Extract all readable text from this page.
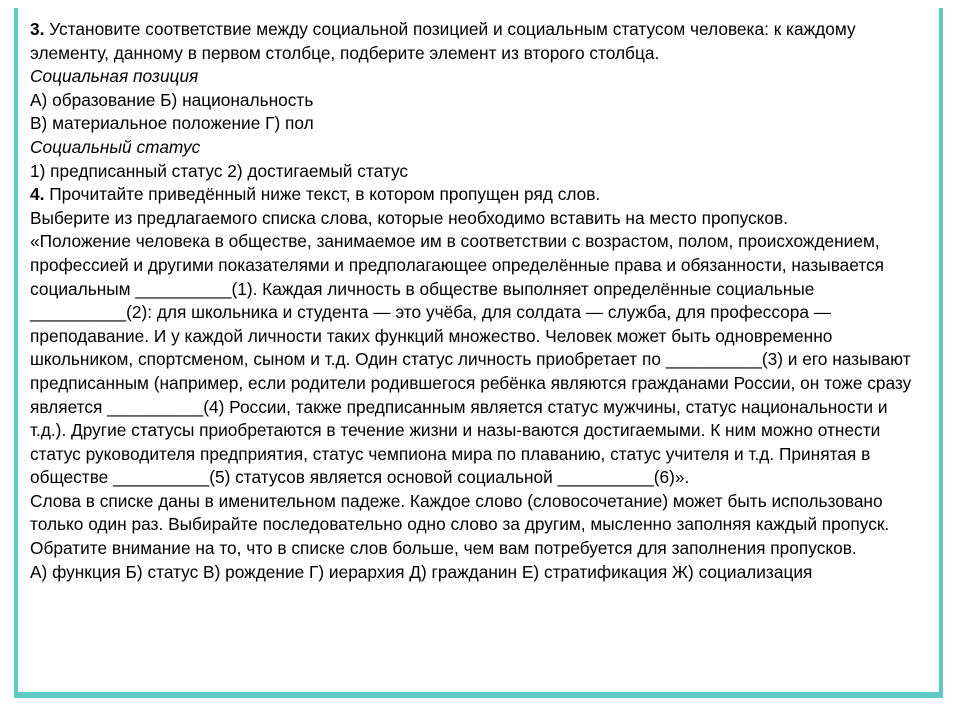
3. Установите соответствие между социальной позицией и социальным статусом человека: к каждому элементу, данному в первом столбце, подберите элемент из второго столбца.

Социальная позиция

А) образование Б) национальность

В) материальное положение Г) пол

Социальный статус

1) предписанный статус 2) достигаемый статус

4. Прочитайте приведённый ниже текст, в котором пропущен ряд слов.

Выберите из предлагаемого списка слова, которые необходимо вставить на место пропусков.

«Положение человека в обществе, занимаемое им в соответствии с возрастом, полом, происхождением, профессией и другими показателями и предполагающее определённые права и обязанности, называется социальным __________(1). Каждая личность в обществе выполняет определённые социальные __________(2): для школьника и студента — это учёба, для солдата — служба, для профессора — преподавание. И у каждой личности таких функций множество. Человек может быть одновременно школьником, спортсменом, сыном и т.д. Один статус личность приобретает по __________(3) и его называют предписанным (например, если родители родившегося ребёнка являются гражданами России, он тоже сразу является __________(4) России, также предписанным является статус мужчины, статус национальности и т.д.). Другие статусы приобретаются в течение жизни и назы-ваются достигаемыми. К ним можно отнести статус руководителя предприятия, статус чемпиона мира по плаванию, статус учителя и т.д. Принятая в обществе __________(5) статусов является основой социальной __________(6)».

Слова в списке даны в именительном падеже. Каждое слово (словосочетание) может быть использовано только один раз. Выбирайте последовательно одно слово за другим, мысленно заполняя каждый пропуск. Обратите внимание на то, что в списке слов больше, чем вам потребуется для заполнения пропусков.

А) функция Б) статус В) рождение Г) иерархия Д) гражданин Е) стратификация Ж) социализация
